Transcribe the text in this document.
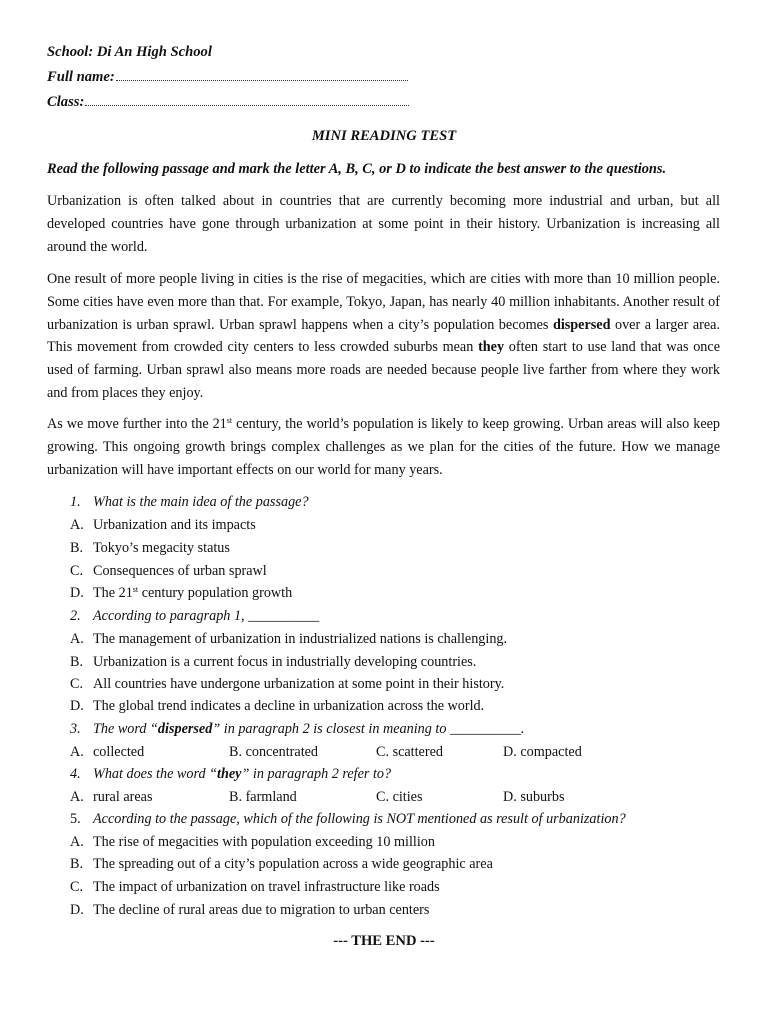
School: Di An High School
Full name:
Class:
MINI READING TEST
Read the following passage and mark the letter A, B, C, or D to indicate the best answer to the questions.
Urbanization is often talked about in countries that are currently becoming more industrial and urban, but all developed countries have gone through urbanization at some point in their history. Urbanization is increasing all around the world.
One result of more people living in cities is the rise of megacities, which are cities with more than 10 million people. Some cities have even more than that. For example, Tokyo, Japan, has nearly 40 million inhabitants. Another result of urbanization is urban sprawl. Urban sprawl happens when a city’s population becomes dispersed over a larger area. This movement from crowded city centers to less crowded suburbs mean they often start to use land that was once used of farming. Urban sprawl also means more roads are needed because people live farther from where they work and from places they enjoy.
As we move further into the 21st century, the world’s population is likely to keep growing. Urban areas will also keep growing. This ongoing growth brings complex challenges as we plan for the cities of the future. How we manage urbanization will have important effects on our world for many years.
1. What is the main idea of the passage?
A. Urbanization and its impacts
B. Tokyo’s megacity status
C. Consequences of urban sprawl
D. The 21st century population growth
2. According to paragraph 1, __________
A. The management of urbanization in industrialized nations is challenging.
B. Urbanization is a current focus in industrially developing countries.
C. All countries have undergone urbanization at some point in their history.
D. The global trend indicates a decline in urbanization across the world.
3. The word “dispersed” in paragraph 2 is closest in meaning to __________.
A. collected	B. concentrated	C. scattered	D. compacted
4. What does the word “they” in paragraph 2 refer to?
A. rural areas	B. farmland	C. cities	D. suburbs
5. According to the passage, which of the following is NOT mentioned as result of urbanization?
A. The rise of megacities with population exceeding 10 million
B. The spreading out of a city’s population across a wide geographic area
C. The impact of urbanization on travel infrastructure like roads
D. The decline of rural areas due to migration to urban centers
--- THE END ---
